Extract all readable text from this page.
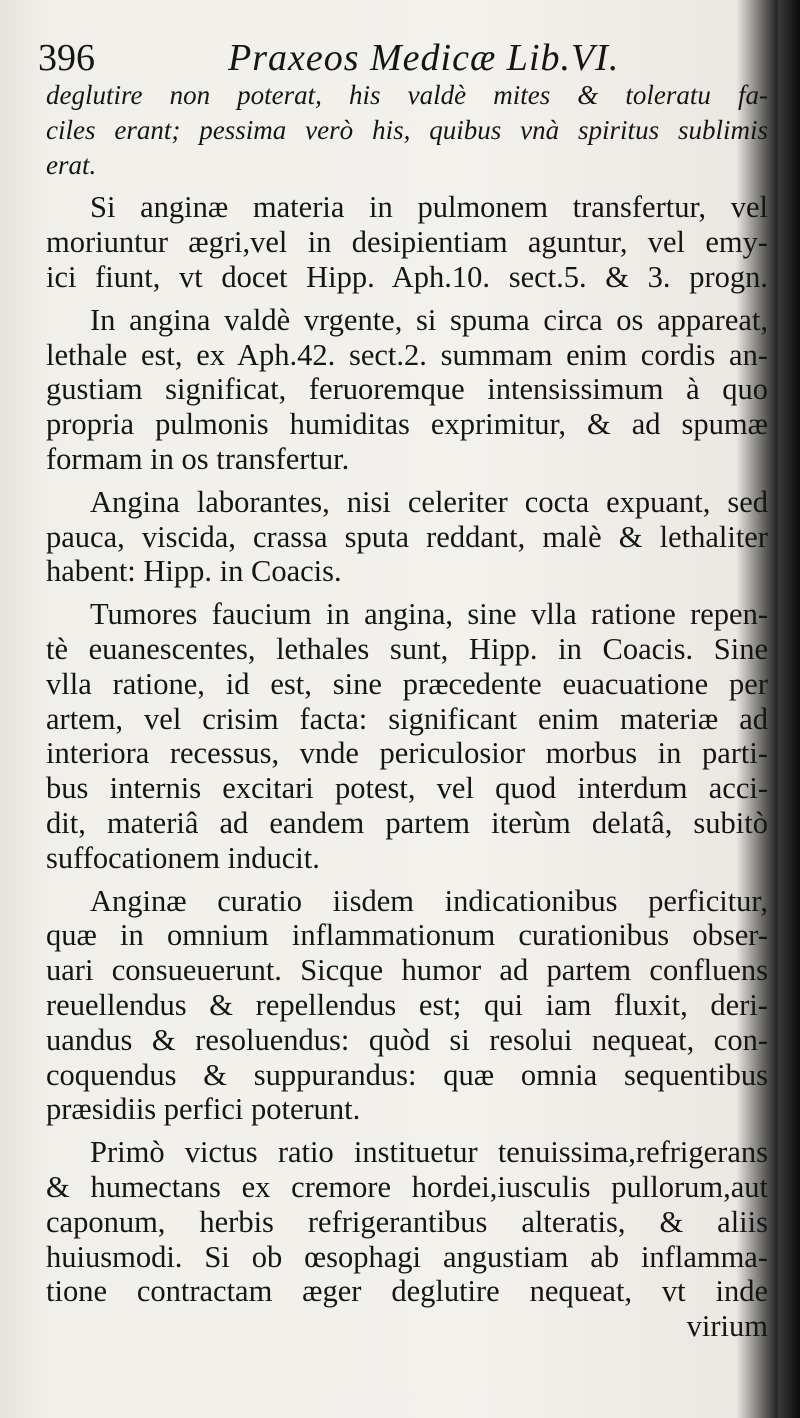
396	Praxeos Medicæ Lib.VI.
deglutire non poterat, his valdè mites & toleratu fa-
ciles erant; pessima verò his, quibus vnà spiritus sublimis
erat.
Si anginæ materia in pulmonem transfertur, vel
moriuntur ægri,vel in desipientiam aguntur, vel emy-
ici fiunt, vt docet Hipp. Aph.10. sect.5. & 3. progn.
In angina valdè vrgente, si spuma circa os appareat,
lethale est, ex Aph.42. sect.2. summam enim cordis an-
gustiam significat, feruoremque intensissimum à quo
propria pulmonis humiditas exprimitur, & ad spumæ
formam in os transfertur.
Angina laborantes, nisi celeriter cocta expuant, sed
pauca, viscida, crassa sputa reddant, malè & lethaliter
habent: Hipp. in Coacis.
Tumores faucium in angina, sine vlla ratione repen-
tè euanescentes, lethales sunt, Hipp. in Coacis. Sine
vlla ratione, id est, sine præcedente euacuatione per
artem, vel crisim facta: significant enim materiæ ad
interiora recessus, vnde periculosior morbus in parti-
bus internis excitari potest, vel quod interdum acci-
dit, materiâ ad eandem partem iterùm delatâ, subitò
suffocationem inducit.
Anginæ curatio iisdem indicationibus perficitur,
quæ in omnium inflammationum curationibus obser-
uari consueuerunt. Sicque humor ad partem confluens
reuellendus & repellendus est; qui iam fluxit, deri-
uandus & resoluendus: quòd si resolui nequeat, con-
coquendus & suppurandus: quæ omnia sequentibus
præsidiis perfici poterunt.
Primò victus ratio instituetur tenuissima,refrigerans
& humectans ex cremore hordei,iusculis pullorum,aut
caponum, herbis refrigerantibus alteratis, & aliis
huiusmodi. Si ob œsophagi angustiam ab inflamma-
tione contractam æger deglutire nequeat, vt inde
virium
